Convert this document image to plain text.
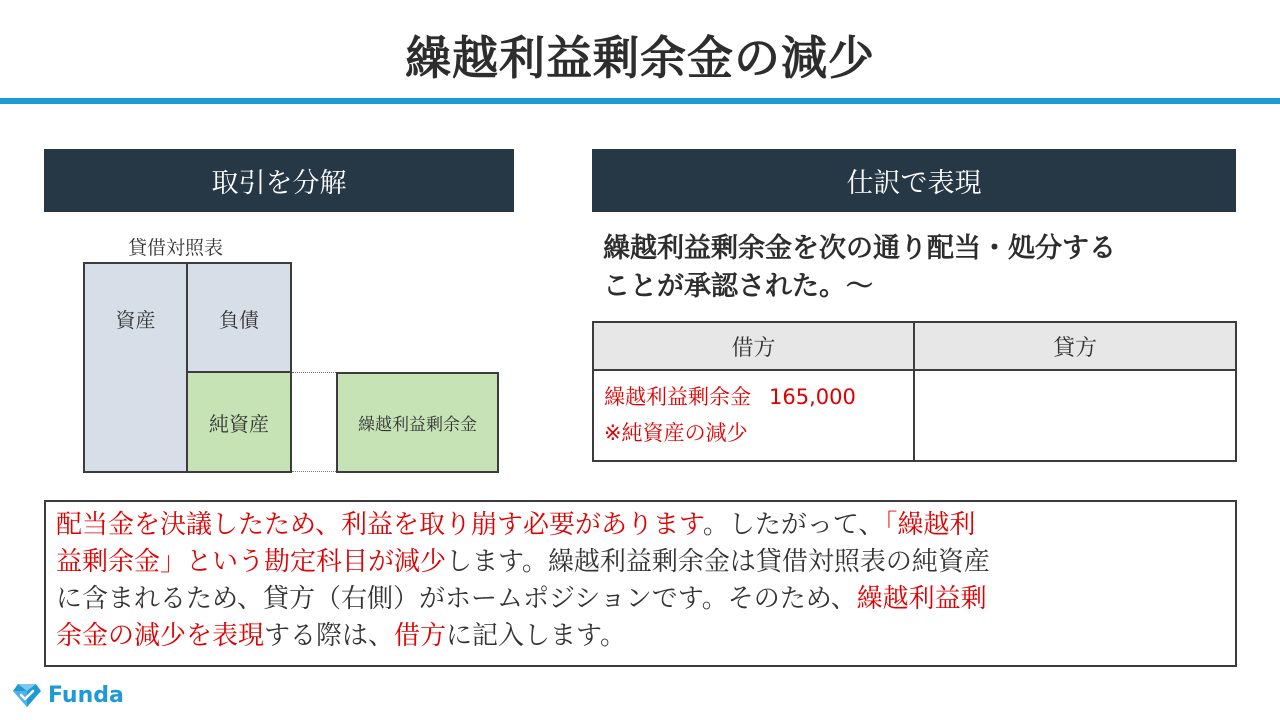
繰越利益剰余金の減少
取引を分解	仕訳で表現
貸借対照表
資産	負債
純資産	繰越利益剰余金
繰越利益剰余金を次の通り配当・処分する
ことが承認された。〜
借方	貸方
繰越利益剰余金 165,000
※純資産の減少
配当金を決議したため、利益を取り崩す必要があります。したがって、「繰越利
益剰余金」という勘定科目が減少します。繰越利益剰余金は貸借対照表の純資産
に含まれるため、貸方（右側）がホームポジションです。そのため、繰越利益剰
余金の減少を表現する際は、借方に記入します。
Funda
